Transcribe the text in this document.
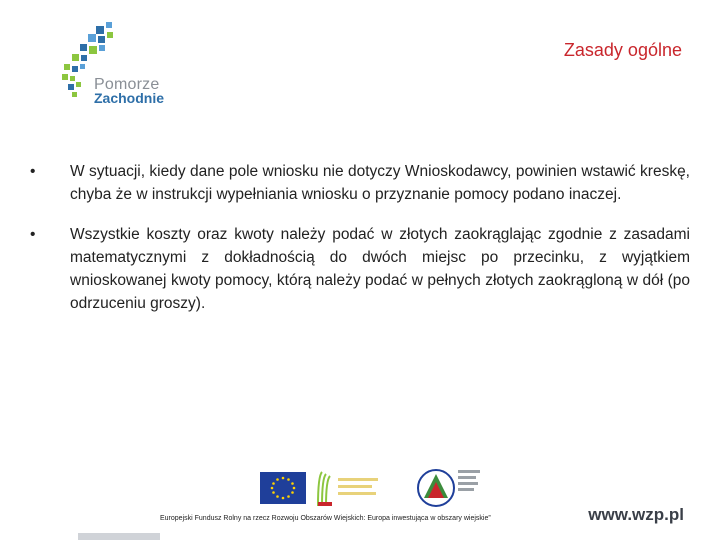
Pomorze
Zachodnie
Zasady ogólne
•	W sytuacji, kiedy dane pole wniosku nie dotyczy Wnioskodawcy, powinien wstawić kreskę, chyba że w instrukcji wypełniania wniosku o przyznanie pomocy podano inaczej.
•	Wszystkie koszty oraz kwoty należy podać w złotych zaokrąglając zgodnie z zasadami matematycznymi z dokładnością do dwóch miejsc po przecinku, z wyjątkiem wnioskowanej kwoty pomocy, którą należy podać w pełnych złotych zaokrągloną w dół (po odrzuceniu groszy).
Europejski Fundusz Rolny na rzecz Rozwoju Obszarów Wiejskich: Europa inwestująca w obszary wiejskie”	www.wzp.pl
